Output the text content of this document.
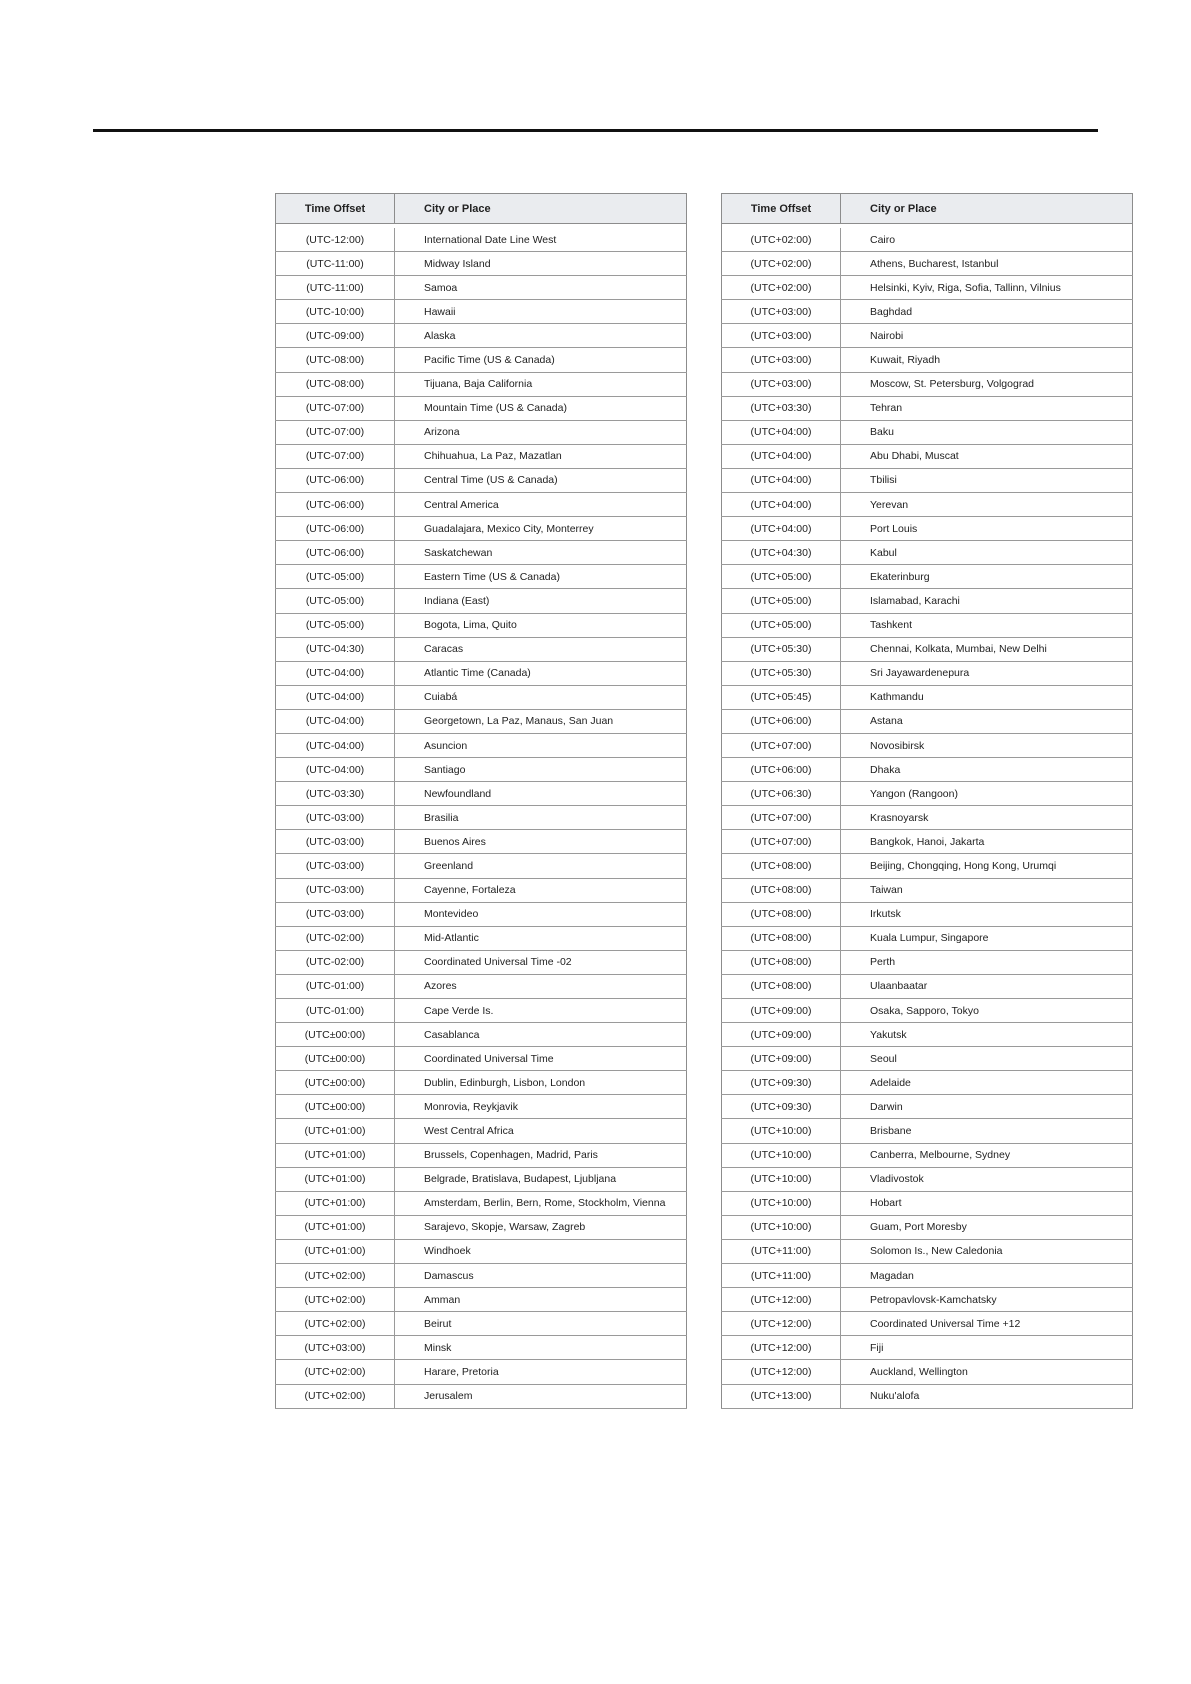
Time Offset	City or Place

(UTC-12:00)	International Date Line West
(UTC-11:00)	Midway Island
(UTC-11:00)	Samoa
(UTC-10:00)	Hawaii
(UTC-09:00)	Alaska
(UTC-08:00)	Pacific Time (US & Canada)
(UTC-08:00)	Tijuana, Baja California
(UTC-07:00)	Mountain Time (US & Canada)
(UTC-07:00)	Arizona
(UTC-07:00)	Chihuahua, La Paz, Mazatlan
(UTC-06:00)	Central Time (US & Canada)
(UTC-06:00)	Central America
(UTC-06:00)	Guadalajara, Mexico City, Monterrey
(UTC-06:00)	Saskatchewan
(UTC-05:00)	Eastern Time (US & Canada)
(UTC-05:00)	Indiana (East)
(UTC-05:00)	Bogota, Lima, Quito
(UTC-04:30)	Caracas
(UTC-04:00)	Atlantic Time (Canada)
(UTC-04:00)	Cuiabá
(UTC-04:00)	Georgetown, La Paz, Manaus, San Juan
(UTC-04:00)	Asuncion
(UTC-04:00)	Santiago
(UTC-03:30)	Newfoundland
(UTC-03:00)	Brasilia
(UTC-03:00)	Buenos Aires
(UTC-03:00)	Greenland
(UTC-03:00)	Cayenne, Fortaleza
(UTC-03:00)	Montevideo
(UTC-02:00)	Mid-Atlantic
(UTC-02:00)	Coordinated Universal Time -02
(UTC-01:00)	Azores
(UTC-01:00)	Cape Verde Is.
(UTC±00:00)	Casablanca
(UTC±00:00)	Coordinated Universal Time
(UTC±00:00)	Dublin, Edinburgh, Lisbon, London
(UTC±00:00)	Monrovia, Reykjavik
(UTC+01:00)	West Central Africa
(UTC+01:00)	Brussels, Copenhagen, Madrid, Paris
(UTC+01:00)	Belgrade, Bratislava, Budapest, Ljubljana
(UTC+01:00)	Amsterdam, Berlin, Bern, Rome, Stockholm, Vienna
(UTC+01:00)	Sarajevo, Skopje, Warsaw, Zagreb
(UTC+01:00)	Windhoek
(UTC+02:00)	Damascus
(UTC+02:00)	Amman
(UTC+02:00)	Beirut
(UTC+03:00)	Minsk
(UTC+02:00)	Harare, Pretoria
(UTC+02:00)	Jerusalem
Time Offset	City or Place

(UTC+02:00)	Cairo
(UTC+02:00)	Athens, Bucharest, Istanbul
(UTC+02:00)	Helsinki, Kyiv, Riga, Sofia, Tallinn, Vilnius
(UTC+03:00)	Baghdad
(UTC+03:00)	Nairobi
(UTC+03:00)	Kuwait, Riyadh
(UTC+03:00)	Moscow, St. Petersburg, Volgograd
(UTC+03:30)	Tehran
(UTC+04:00)	Baku
(UTC+04:00)	Abu Dhabi, Muscat
(UTC+04:00)	Tbilisi
(UTC+04:00)	Yerevan
(UTC+04:00)	Port Louis
(UTC+04:30)	Kabul
(UTC+05:00)	Ekaterinburg
(UTC+05:00)	Islamabad, Karachi
(UTC+05:00)	Tashkent
(UTC+05:30)	Chennai, Kolkata, Mumbai, New Delhi
(UTC+05:30)	Sri Jayawardenepura
(UTC+05:45)	Kathmandu
(UTC+06:00)	Astana
(UTC+07:00)	Novosibirsk
(UTC+06:00)	Dhaka
(UTC+06:30)	Yangon (Rangoon)
(UTC+07:00)	Krasnoyarsk
(UTC+07:00)	Bangkok, Hanoi, Jakarta
(UTC+08:00)	Beijing, Chongqing, Hong Kong, Urumqi
(UTC+08:00)	Taiwan
(UTC+08:00)	Irkutsk
(UTC+08:00)	Kuala Lumpur, Singapore
(UTC+08:00)	Perth
(UTC+08:00)	Ulaanbaatar
(UTC+09:00)	Osaka, Sapporo, Tokyo
(UTC+09:00)	Yakutsk
(UTC+09:00)	Seoul
(UTC+09:30)	Adelaide
(UTC+09:30)	Darwin
(UTC+10:00)	Brisbane
(UTC+10:00)	Canberra, Melbourne, Sydney
(UTC+10:00)	Vladivostok
(UTC+10:00)	Hobart
(UTC+10:00)	Guam, Port Moresby
(UTC+11:00)	Solomon Is., New Caledonia
(UTC+11:00)	Magadan
(UTC+12:00)	Petropavlovsk-Kamchatsky
(UTC+12:00)	Coordinated Universal Time +12
(UTC+12:00)	Fiji
(UTC+12:00)	Auckland, Wellington
(UTC+13:00)	Nuku'alofa
